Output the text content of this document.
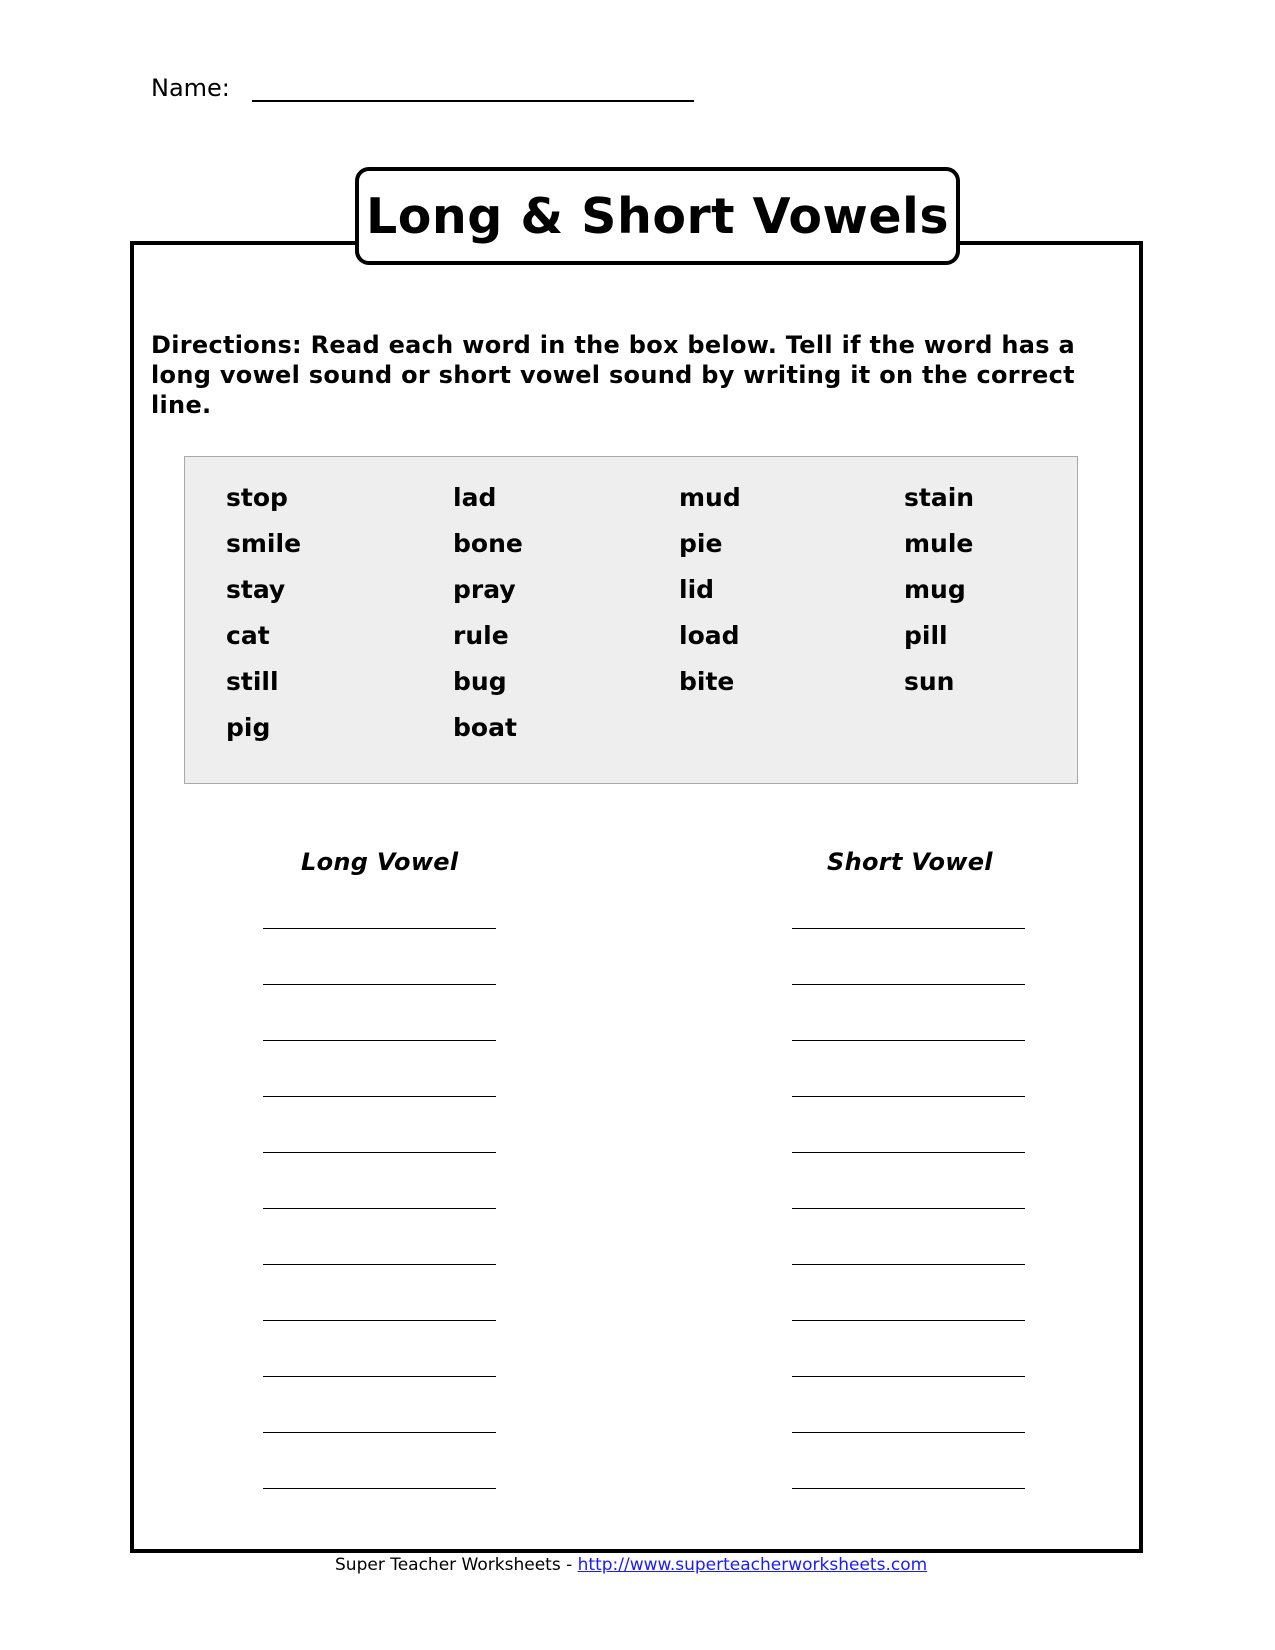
Name:
Long & Short Vowels
Directions: Read each word in the box below. Tell if the word has a long vowel sound or short vowel sound by writing it on the correct line.
stop
smile
stay
cat
still
pig
lad
bone
pray
rule
bug
boat
mud
pie
lid
load
bite
stain
mule
mug
pill
sun
Long Vowel	Short Vowel
Super Teacher Worksheets - http://www.superteacherworksheets.com
